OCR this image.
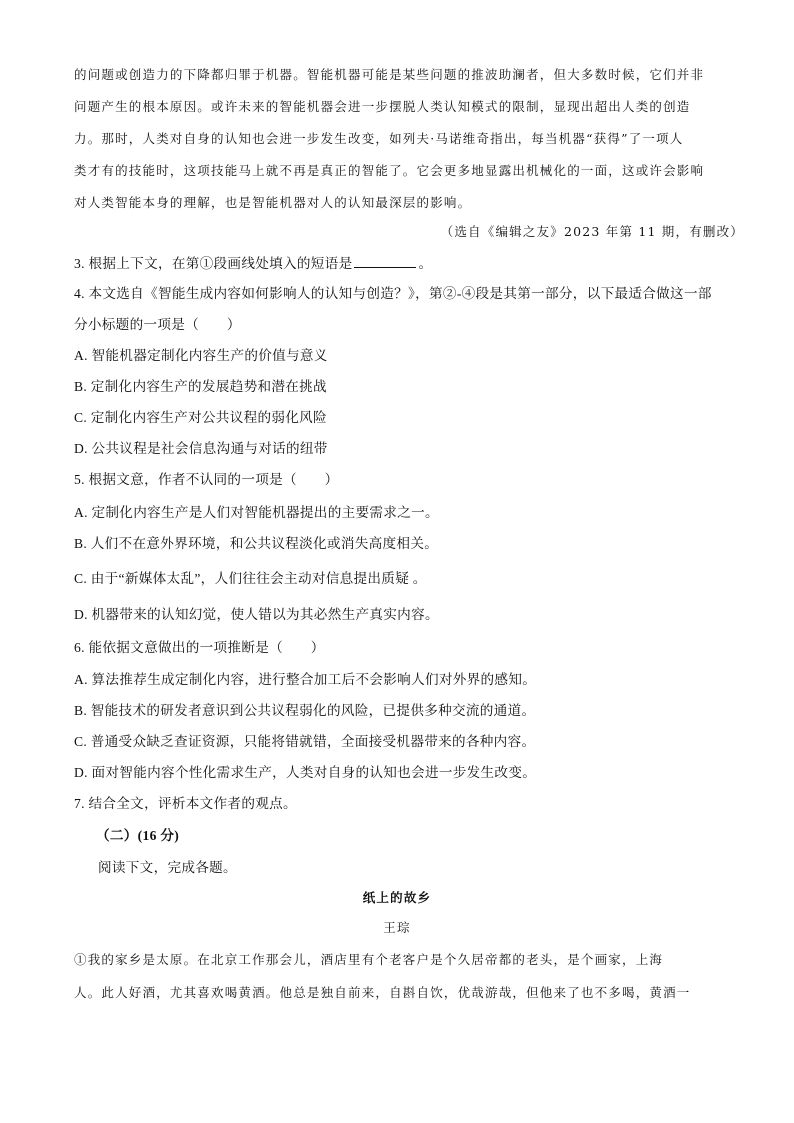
的问题或创造力的下降都归罪于机器。智能机器可能是某些问题的推波助澜者，但大多数时候，它们并非
问题产生的根本原因。或许未来的智能机器会进一步摆脱人类认知模式的限制，显现出超出人类的创造
力。那时，人类对自身的认知也会进一步发生改变，如列夫·马诺维奇指出，每当机器“获得”了一项人
类才有的技能时，这项技能马上就不再是真正的智能了。它会更多地显露出机械化的一面，这或许会影响
对人类智能本身的理解，也是智能机器对人的认知最深层的影响。
（选自《编辑之友》2023 年第 11 期，有删改）
3. 根据上下文，在第①段画线处填入的短语是	。
4. 本文选自《智能生成内容如何影响人的认知与创造？》，第②-④段是其第一部分，以下最适合做这一部
分小标题的一项是（　　）
A. 智能机器定制化内容生产的价值与意义
B. 定制化内容生产的发展趋势和潜在挑战
C. 定制化内容生产对公共议程的弱化风险
D. 公共议程是社会信息沟通与对话的纽带
5. 根据文意，作者不认同的一项是（　　）
A. 定制化内容生产是人们对智能机器提出的主要需求之一。
B. 人们不在意外界环境，和公共议程淡化或消失高度相关。
C. 由于“新媒体太乱”，人们往往会主动对信息提出质疑 。
D. 机器带来的认知幻觉，使人错以为其必然生产真实内容。
6. 能依据文意做出的一项推断是（　　）
A. 算法推荐生成定制化内容，进行整合加工后不会影响人们对外界的感知。
B. 智能技术的研发者意识到公共议程弱化的风险，已提供多种交流的通道。
C. 普通受众缺乏查证资源，只能将错就错，全面接受机器带来的各种内容。
D. 面对智能内容个性化需求生产，人类对自身的认知也会进一步发生改变。
7. 结合全文，评析本文作者的观点。
（二）(16 分)
阅读下文，完成各题。
纸上的故乡
王琮
①我的家乡是太原。在北京工作那会儿，酒店里有个老客户是个久居帝都的老头，是个画家，上海
人。此人好酒，尤其喜欢喝黄酒。他总是独自前来，自斟自饮，优哉游哉，但他来了也不多喝，黄酒一
